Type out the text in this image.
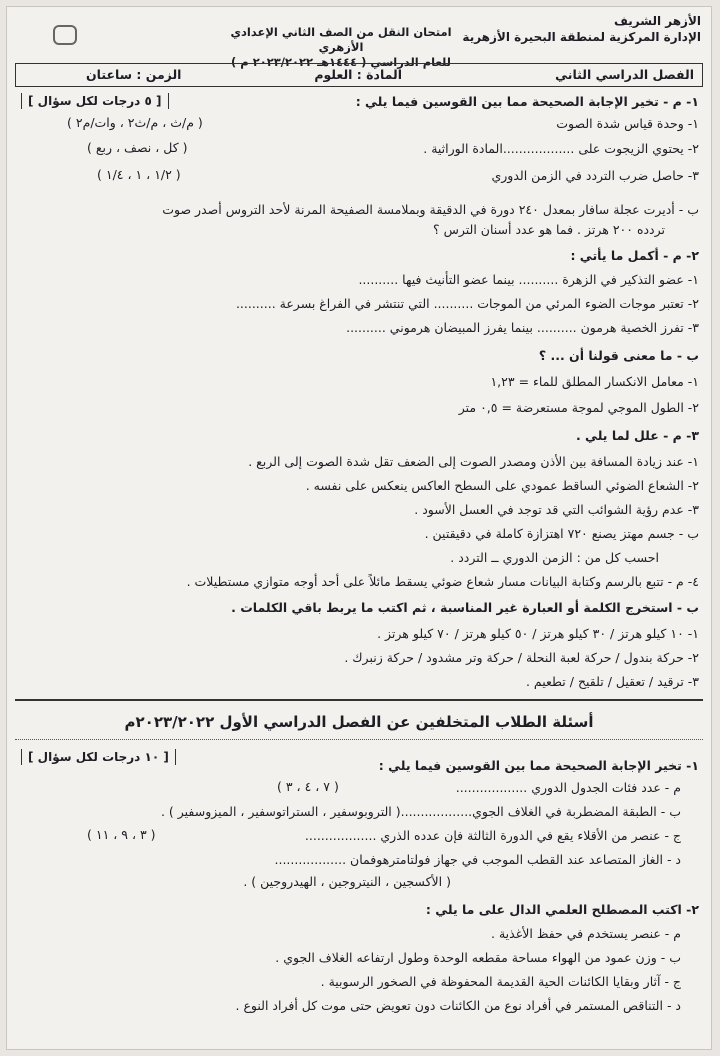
الأزهر الشريف
الإدارة المركزية لمنطقة البحيرة الأزهرية
امتحان النقل من الصف الثاني الإعدادي الأزهري
للعام الدراسي ( ١٤٤٤هـ ٢٠٢٣/٢٠٢٢ م )
الفصل الدراسي الثاني
المادة : العلوم
الزمن : ساعتان
١- م - تخير الإجابة الصحيحة مما بين القوسين فيما يلي :
[ ٥ درجات لكل سؤال ]
١- وحدة قياس شدة الصوت
( م/ث ، م/ث٢ ، وات/م٢ )
٢- يحتوي الزيجوت على ..................المادة الوراثية .
( كل ، نصف ، ربع )
٣- حاصل ضرب التردد في الزمن الدوري
( ١/٢ ، ١ ، ١/٤ )
ب - أديرت عجلة سافار بمعدل ٢٤٠ دورة في الدقيقة وبملامسة الصفيحة المرنة لأحد التروس أصدر صوت
تردده ٢٠٠ هرتز . فما هو عدد أسنان الترس ؟
٢- م - أكمل ما يأتي :
١- عضو التذكير في الزهرة .......... بينما عضو التأنيث فيها ..........
٢- تعتبر موجات الضوء المرئي من الموجات .......... التي تنتشر في الفراغ بسرعة ..........
٣- تفرز الخصية هرمون .......... بينما يفرز المبيضان هرموني ..........
ب - ما معنى قولنا أن ... ؟
١- معامل الانكسار المطلق للماء = ١,٢٣
٢- الطول الموجي لموجة مستعرضة = ٠,٥ متر
٣- م - علل لما يلي .
١- عند زيادة المسافة بين الأذن ومصدر الصوت إلى الضعف تقل شدة الصوت إلى الربع .
٢- الشعاع الضوئي الساقط عمودي على السطح العاكس ينعكس على نفسه .
٣- عدم رؤية الشوائب التي قد توجد في العسل الأسود .
ب - جسم مهتز يصنع ٧٢٠ اهتزازة كاملة في دقيقتين .
احسب كل من : الزمن الدوري ــ التردد .
٤- م - تتبع بالرسم وكتابة البيانات مسار شعاع ضوئي يسقط مائلاً على أحد أوجه متوازي مستطيلات .
ب - استخرج الكلمة أو العبارة غير المناسبة ، ثم اكتب ما يربط باقي الكلمات .
١- ١٠ كيلو هرتز / ٣٠ كيلو هرتز / ٥٠ كيلو هرتز / ٧٠ كيلو هرتز .
٢- حركة بندول / حركة لعبة النحلة / حركة وتر مشدود / حركة زنبرك .
٣- ترقيد / تعقيل / تلقيح / تطعيم .
أسئلة الطلاب المتخلفين عن الفصل الدراسي الأول ٢٠٢٣/٢٠٢٢م
[ ١٠ درجات لكل سؤال ]
١- تخير الإجابة الصحيحة مما بين القوسين فيما يلي :
م - عدد فئات الجدول الدوري ..................
( ٧ ، ٤ ، ٣ )
ب - الطبقة المضطربة في الغلاف الجوي..................( التروبوسفير ، الستراتوسفير ، الميزوسفير ) .
ج - عنصر من الأقلاء يقع في الدورة الثالثة فإن عدده الذري ..................
( ٣ ، ٩ ، ١١ )
د - الغاز المتصاعد عند القطب الموجب في جهاز فولتامترهوفمان ..................
( الأكسجين ، النيتروجين ، الهيدروجين ) .
٢- اكتب المصطلح العلمي الدال على ما يلي :
م - عنصر يستخدم في حفظ الأغذية .
ب - وزن عمود من الهواء مساحة مقطعه الوحدة وطول ارتفاعه الغلاف الجوي .
ج - آثار وبقايا الكائنات الحية القديمة المحفوظة في الصخور الرسوبية .
د - التناقص المستمر في أفراد نوع من الكائنات دون تعويض حتى موت كل أفراد النوع .
